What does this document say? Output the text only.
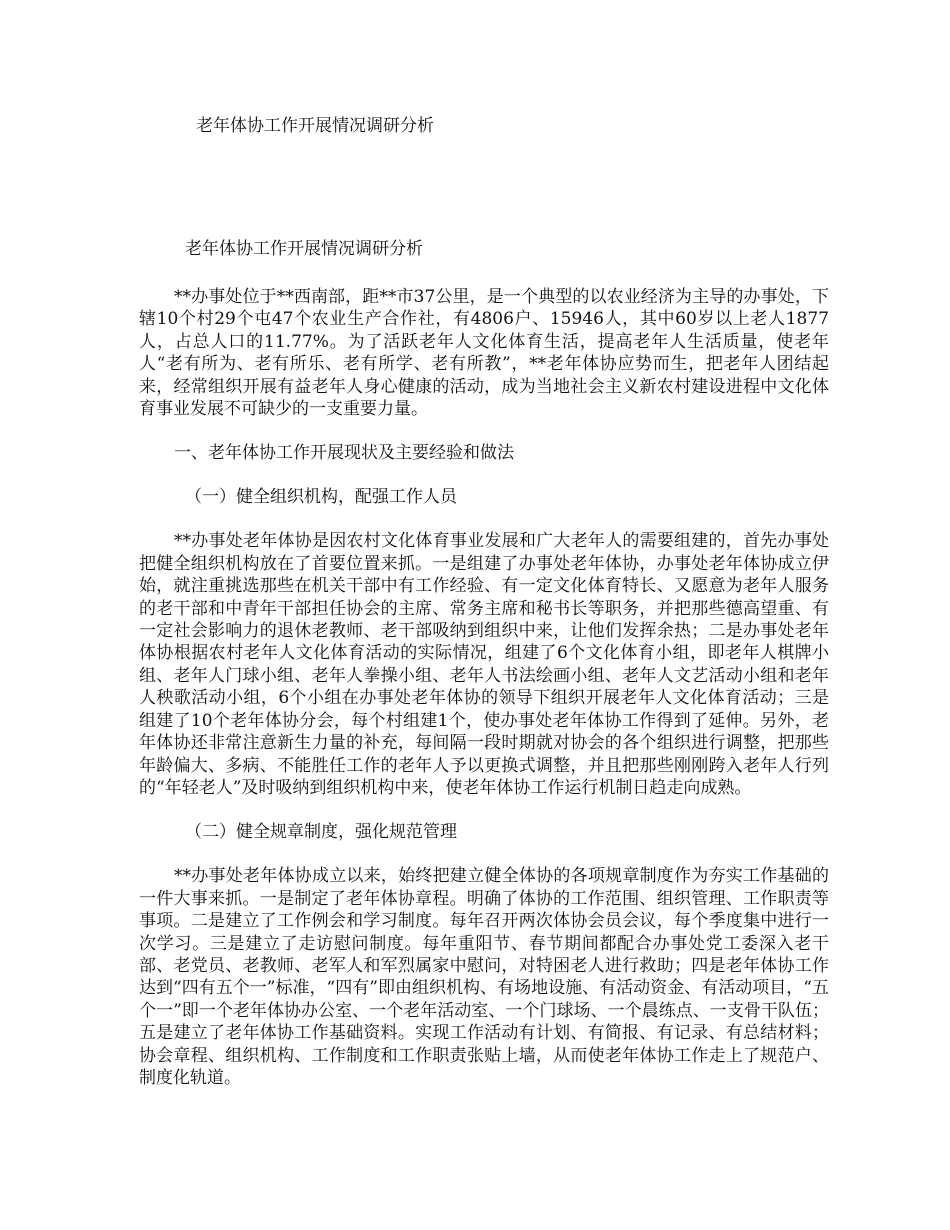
老年体协工作开展情况调研分析

老年体协工作开展情况调研分析

**办事处位于**西南部，距**市37公里，是一个典型的以农业经济为主导的办事处，下辖10个村29个屯47个农业生产合作社，有4806户、15946人，其中60岁以上老人1877人，占总人口的11.77%。为了活跃老年人文化体育生活，提高老年人生活质量，使老年人“老有所为、老有所乐、老有所学、老有所教”，**老年体协应势而生，把老年人团结起来，经常组织开展有益老年人身心健康的活动，成为当地社会主义新农村建设进程中文化体育事业发展不可缺少的一支重要力量。

一、老年体协工作开展现状及主要经验和做法

（一）健全组织机构，配强工作人员

**办事处老年体协是因农村文化体育事业发展和广大老年人的需要组建的，首先办事处把健全组织机构放在了首要位置来抓。一是组建了办事处老年体协，办事处老年体协成立伊始，就注重挑选那些在机关干部中有工作经验、有一定文化体育特长、又愿意为老年人服务的老干部和中青年干部担任协会的主席、常务主席和秘书长等职务，并把那些德高望重、有一定社会影响力的退休老教师、老干部吸纳到组织中来，让他们发挥余热；二是办事处老年体协根据农村老年人文化体育活动的实际情况，组建了6个文化体育小组，即老年人棋牌小组、老年人门球小组、老年人拳操小组、老年人书法绘画小组、老年人文艺活动小组和老年人秧歌活动小组，6个小组在办事处老年体协的领导下组织开展老年人文化体育活动；三是组建了10个老年体协分会，每个村组建1个，使办事处老年体协工作得到了延伸。另外，老年体协还非常注意新生力量的补充，每间隔一段时期就对协会的各个组织进行调整，把那些年龄偏大、多病、不能胜任工作的老年人予以更换式调整，并且把那些刚刚跨入老年人行列的“年轻老人”及时吸纳到组织机构中来，使老年体协工作运行机制日趋走向成熟。

（二）健全规章制度，强化规范管理

**办事处老年体协成立以来，始终把建立健全体协的各项规章制度作为夯实工作基础的一件大事来抓。一是制定了老年体协章程。明确了体协的工作范围、组织管理、工作职责等事项。二是建立了工作例会和学习制度。每年召开两次体协会员会议，每个季度集中进行一次学习。三是建立了走访慰问制度。每年重阳节、春节期间都配合办事处党工委深入老干部、老党员、老教师、老军人和军烈属家中慰问，对特困老人进行救助；四是老年体协工作达到“四有五个一”标准，“四有”即由组织机构、有场地设施、有活动资金、有活动项目，“五个一”即一个老年体协办公室、一个老年活动室、一个门球场、一个晨练点、一支骨干队伍；五是建立了老年体协工作基础资料。实现工作活动有计划、有简报、有记录、有总结材料；协会章程、组织机构、工作制度和工作职责张贴上墙，从而使老年体协工作走上了规范户、制度化轨道。
